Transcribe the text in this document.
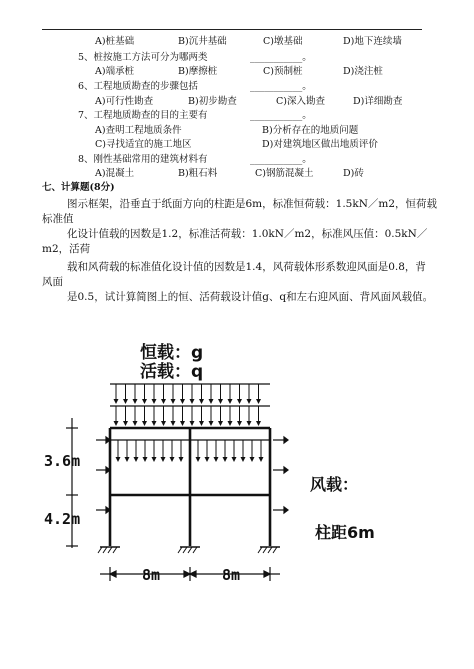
A)桩基础	B)沉井基础	C)墩基础	D)地下连续墙
5、桩按施工方法可分为哪两类	___________。
A)端承桩	B)摩擦桩	C)预制桩	D)浇注桩
6、工程地质勘查的步骤包括	___________。
A)可行性勘查	B)初步勘查	C)深入勘查	D)详细勘查
7、工程地质勘查的目的主要有	___________。
A)查明工程地质条件	B)分析存在的地质问题
C)寻找适宜的施工地区	D)对建筑地区做出地质评价
8、刚性基础常用的建筑材料有	___________。
A)混凝土	B)粗石料	C)钢筋混凝土	D)砖
七、计算题(8分)
图示框架，沿垂直于纸面方向的柱距是6m，标准恒荷载：1.5kN／m2，恒荷载
标准值
化设计值载的因数是1.2，标准活荷载：1.0kN／m2，标准风压值：0.5kN／
m2，活荷
载和风荷载的标准值化设计值的因数是1.4，风荷载体形系数迎风面是0.8，背
风面
是0.5，试计算简图上的恒、活荷载设计值g、q和左右迎风面、背风面风载值。
恒载：g
活载：q
风载：
柱距6m
3.6m
4.2m
8m	8m
